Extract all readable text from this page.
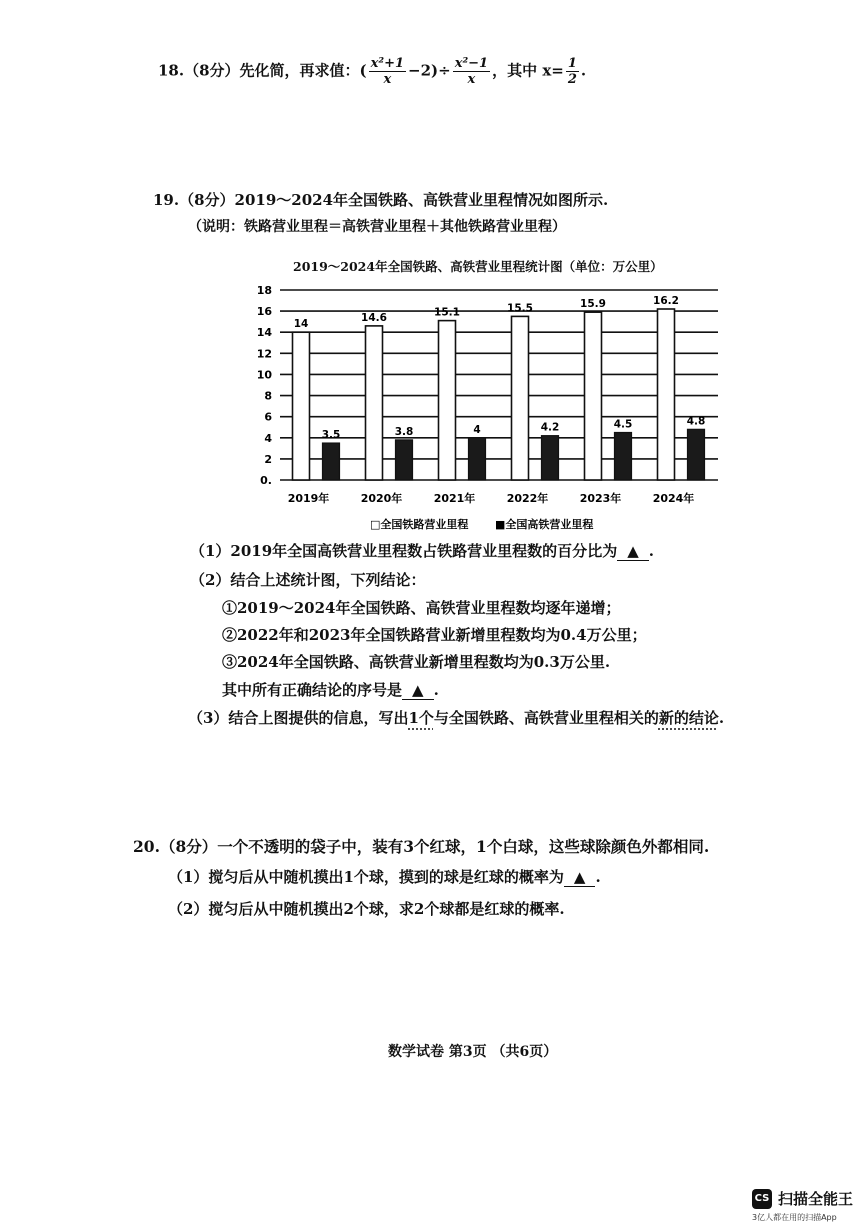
18.（8分）先化简，再求值：( $\frac{\text{x²+1}}{x} -2)\div \frac{\text{x²−1}}{x}$ ，其中 $x= \frac{1}{2}$ .
19.（8分）2019～2024年全国铁路、高铁营业里程情况如图所示.
（说明：铁路营业里程＝高铁营业里程＋其他铁路营业里程）
2019～2024年全国铁路、高铁营业里程统计图（单位：万公里）
0.
2
4
6
8
10
12
14
16
18
14
3.5
14.6
3.8
15.1
4
15.5
4.2
15.9
4.5
16.2
4.8
2019年	2020年	2021年	2022年	2023年	2024年
□全国铁路营业里程 ■全国高铁营业里程
（1）2019年全国高铁营业里程数占铁路营业里程数的百分比为 ▲ .
（2）结合上述统计图，下列结论：
①2019～2024年全国铁路、高铁营业里程数均逐年递增；
②2022年和2023年全国铁路营业新增里程数均为0.4万公里；
③2024年全国铁路、高铁营业新增里程数均为0.3万公里.
其中所有正确结论的序号是 ▲ .
（3）结合上图提供的信息，写出1个与全国铁路、高铁营业里程相关的新的结论.
20.（8分）一个不透明的袋子中，装有3个红球，1个白球，这些球除颜色外都相同.
（1）搅匀后从中随机摸出1个球，摸到的球是红球的概率为 ▲ .
（2）搅匀后从中随机摸出2个球，求2个球都是红球的概率.
数学试卷 第3页 （共6页）
CS 扫描全能王
3亿人都在用的扫描App
